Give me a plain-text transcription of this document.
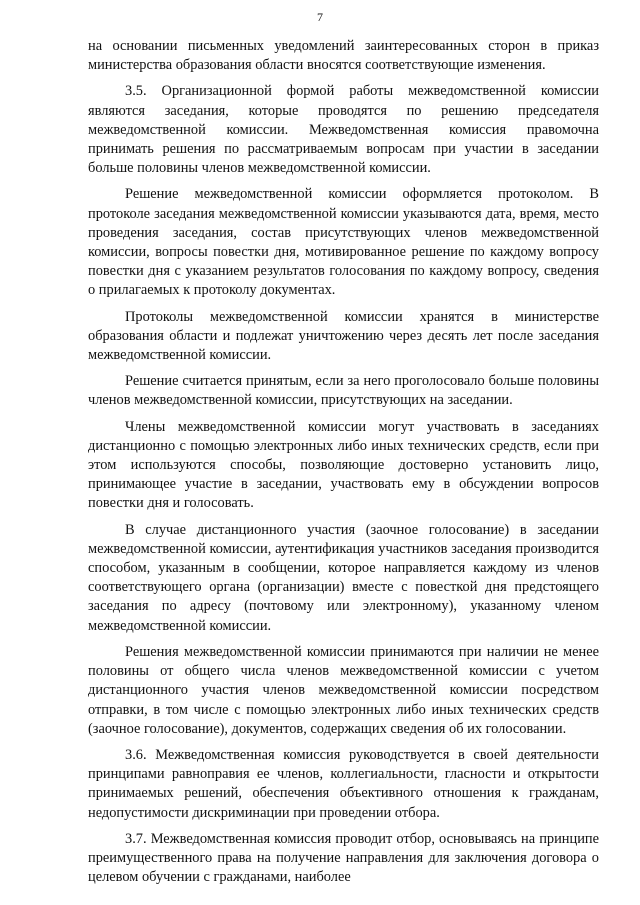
7

на основании письменных уведомлений заинтересованных сторон в приказ министерства образования области вносятся соответствующие изменения.

3.5. Организационной формой работы межведомственной комиссии являются заседания, которые проводятся по решению председателя межведомственной комиссии. Межведомственная комиссия правомочна принимать решения по рассматриваемым вопросам при участии в заседании больше половины членов межведомственной комиссии.

Решение межведомственной комиссии оформляется протоколом. В протоколе заседания межведомственной комиссии указываются дата, время, место проведения заседания, состав присутствующих членов межведомственной комиссии, вопросы повестки дня, мотивированное решение по каждому вопросу повестки дня с указанием результатов голосования по каждому вопросу, сведения о прилагаемых к протоколу документах.

Протоколы межведомственной комиссии хранятся в министерстве образования области и подлежат уничтожению через десять лет после заседания межведомственной комиссии.

Решение считается принятым, если за него проголосовало больше половины членов межведомственной комиссии, присутствующих на заседании.

Члены межведомственной комиссии могут участвовать в заседаниях дистанционно с помощью электронных либо иных технических средств, если при этом используются способы, позволяющие достоверно установить лицо, принимающее участие в заседании, участвовать ему в обсуждении вопросов повестки дня и голосовать.

В случае дистанционного участия (заочное голосование) в заседании межведомственной комиссии, аутентификация участников заседания производится способом, указанным в сообщении, которое направляется каждому из членов соответствующего органа (организации) вместе с повесткой дня предстоящего заседания по адресу (почтовому или электронному), указанному членом межведомственной комиссии.

Решения межведомственной комиссии принимаются при наличии не менее половины от общего числа членов межведомственной комиссии с учетом дистанционного участия членов межведомственной комиссии посредством отправки, в том числе с помощью электронных либо иных технических средств (заочное голосование), документов, содержащих сведения об их голосовании.

3.6. Межведомственная комиссия руководствуется в своей деятельности принципами равноправия ее членов, коллегиальности, гласности и открытости принимаемых решений, обеспечения объективного отношения к гражданам, недопустимости дискриминации при проведении отбора.

3.7. Межведомственная комиссия проводит отбор, основываясь на принципе преимущественного права на получение направления для заключения договора о целевом обучении с гражданами, наиболее
